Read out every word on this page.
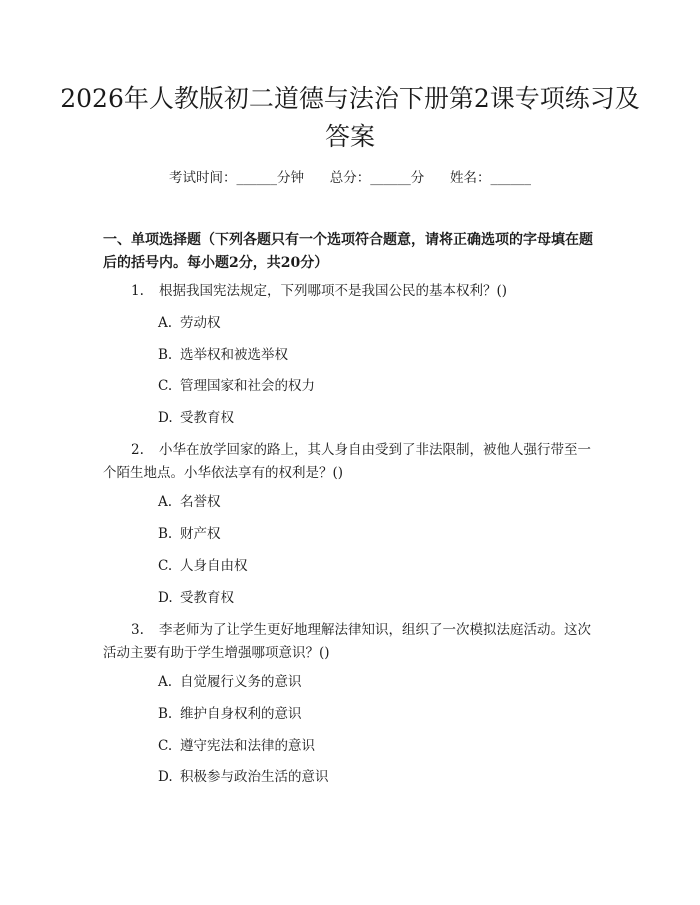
2026年人教版初二道德与法治下册第2课专项练习及答案
考试时间：______分钟      总分：______分      姓名：______

一、单项选择题（下列各题只有一个选项符合题意，请将正确选项的字母填在题后的括号内。每小题2分，共20分）

1. 根据我国宪法规定，下列哪项不是我国公民的基本权利？()

A. 劳动权

B. 选举权和被选举权

C. 管理国家和社会的权力

D. 受教育权

2. 小华在放学回家的路上，其人身自由受到了非法限制，被他人强行带至一个陌生地点。小华依法享有的权利是？()

A. 名誉权

B. 财产权

C. 人身自由权

D. 受教育权

3. 李老师为了让学生更好地理解法律知识，组织了一次模拟法庭活动。这次活动主要有助于学生增强哪项意识？()

A. 自觉履行义务的意识

B. 维护自身权利的意识

C. 遵守宪法和法律的意识

D. 积极参与政治生活的意识
